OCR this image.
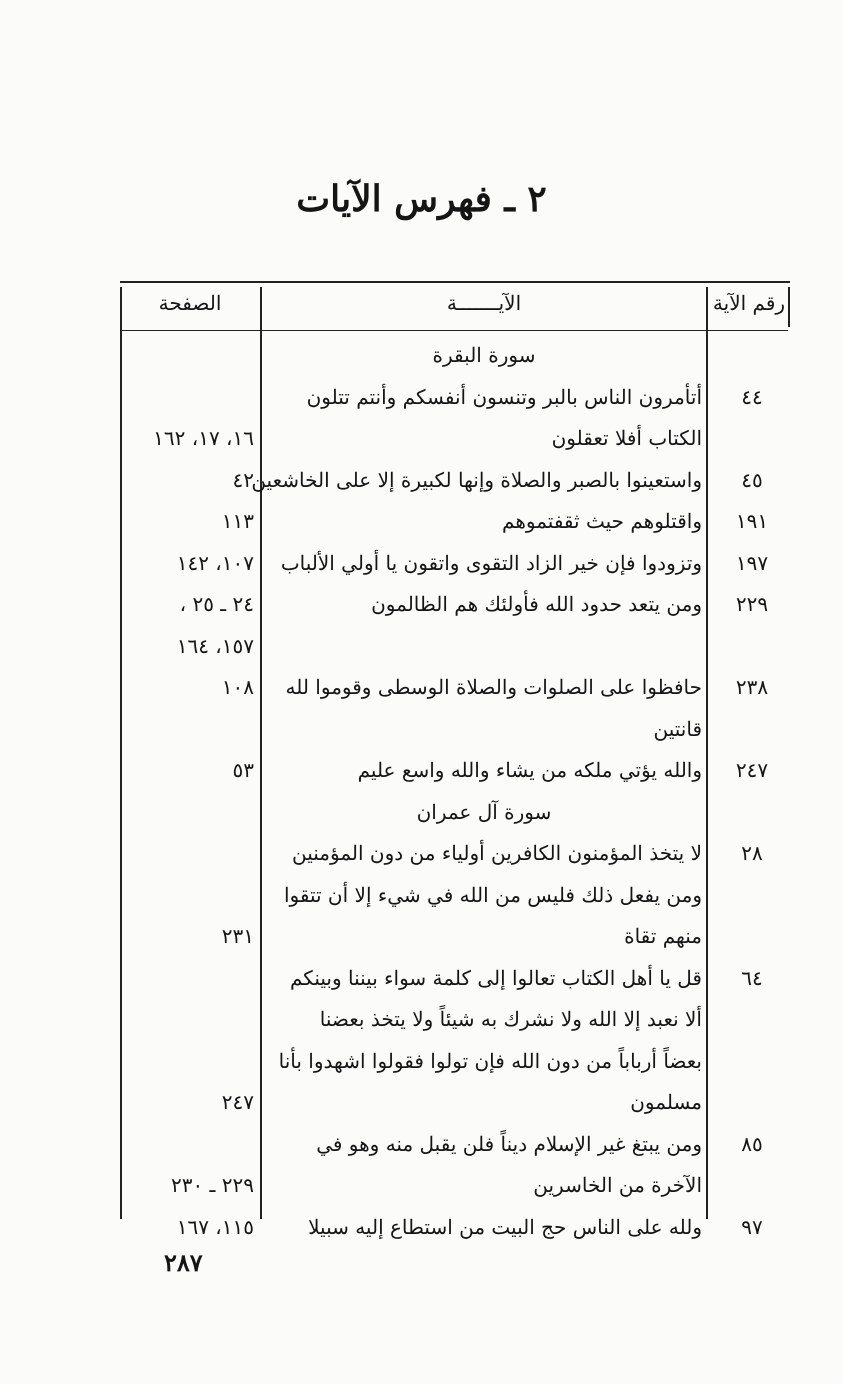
٢ ـ فهرس الآيات
الصفحة	الآيـــــــة	رقم الآية
سورة البقرة
٤٤
أتأمرون الناس بالبر وتنسون أنفسكم وأنتم تتلون
الكتاب أفلا تعقلون
١٦، ١٧، ١٦٢
٤٥
واستعينوا بالصبر والصلاة وإنها لكبيرة إلا على الخاشعين
٤٢
١٩١
واقتلوهم حيث ثقفتموهم
١١٣
١٩٧
وتزودوا فإن خير الزاد التقوى واتقون يا أولي الألباب
١٠٧، ١٤٢
٢٢٩
ومن يتعد حدود الله فأولئك هم الظالمون
٢٤ ـ ٢٥ ،
١٥٧، ١٦٤
٢٣٨
حافظوا على الصلوات والصلاة الوسطى وقوموا لله
١٠٨
قانتين
٢٤٧
والله يؤتي ملكه من يشاء والله واسع عليم
٥٣
سورة آل عمران
٢٨
لا يتخذ المؤمنون الكافرين أولياء من دون المؤمنين
ومن يفعل ذلك فليس من الله في شيء إلا أن تتقوا
منهم تقاة
٢٣١
٦٤
قل يا أهل الكتاب تعالوا إلى كلمة سواء بيننا وبينكم
ألا نعبد إلا الله ولا نشرك به شيئاً ولا يتخذ بعضنا
بعضاً أرباباً من دون الله فإن تولوا فقولوا اشهدوا بأنا
مسلمون
٢٤٧
٨٥
ومن يبتغ غير الإسلام ديناً فلن يقبل منه وهو في
الآخرة من الخاسرين
٢٢٩ ـ ٢٣٠
٩٧
ولله على الناس حج البيت من استطاع إليه سبيلا
١١٥، ١٦٧
٢٨٧
